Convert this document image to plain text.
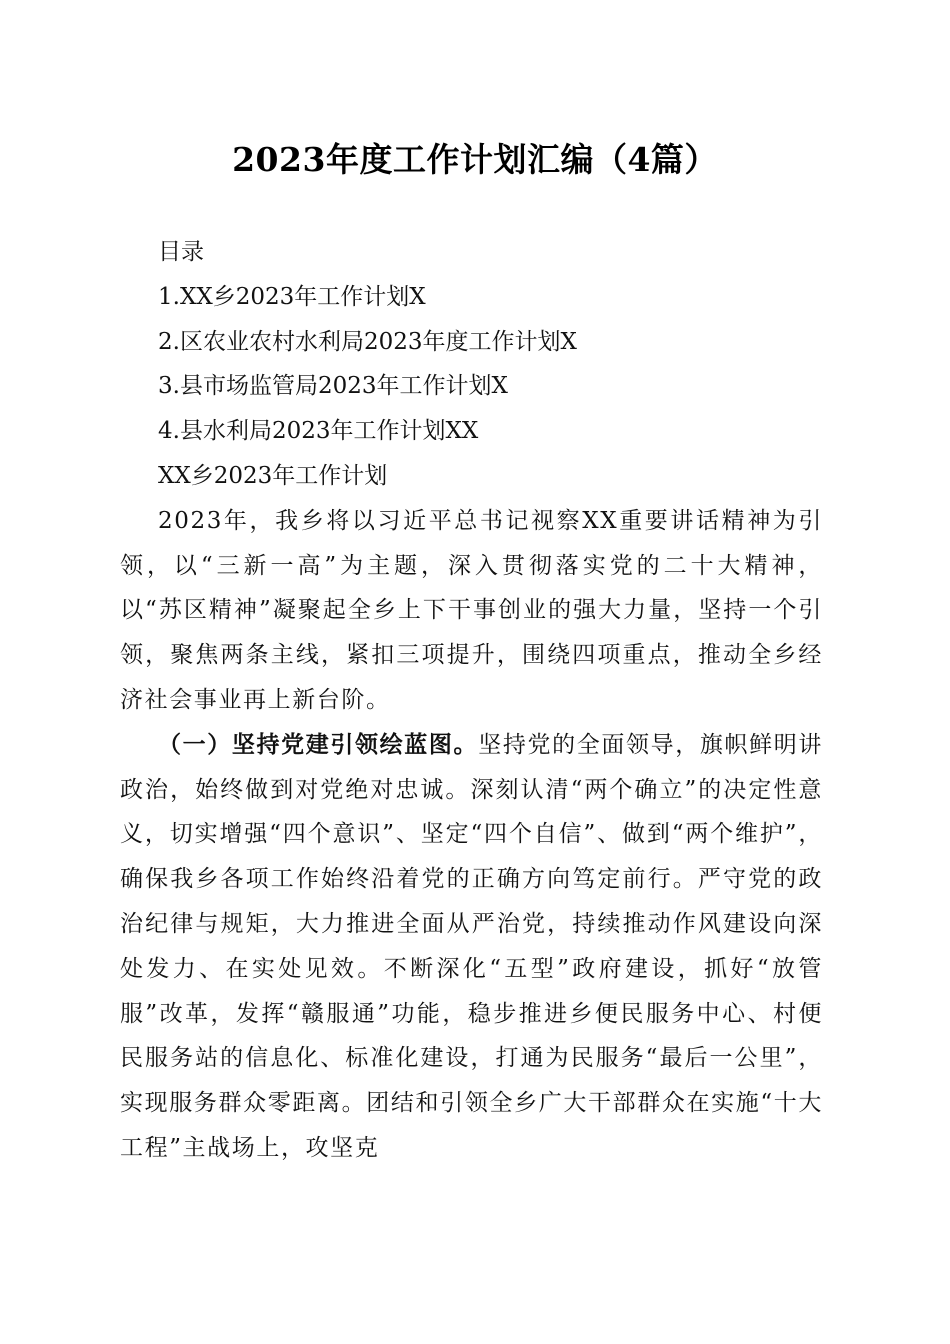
2023年度工作计划汇编（4篇）
目录
1.XX乡2023年工作计划X
2.区农业农村水利局2023年度工作计划X
3.县市场监管局2023年工作计划X
4.县水利局2023年工作计划XX
XX乡2023年工作计划

2023年，我乡将以习近平总书记视察XX重要讲话精神为引领，以“三新一高”为主题，深入贯彻落实党的二十大精神，以“苏区精神”凝聚起全乡上下干事创业的强大力量，坚持一个引领，聚焦两条主线，紧扣三项提升，围绕四项重点，推动全乡经济社会事业再上新台阶。

（一）坚持党建引领绘蓝图。坚持党的全面领导，旗帜鲜明讲政治，始终做到对党绝对忠诚。深刻认清“两个确立”的决定性意义，切实增强“四个意识”、坚定“四个自信”、做到“两个维护”，确保我乡各项工作始终沿着党的正确方向笃定前行。严守党的政治纪律与规矩，大力推进全面从严治党，持续推动作风建设向深处发力、在实处见效。不断深化“五型”政府建设，抓好“放管服”改革，发挥“赣服通”功能，稳步推进乡便民服务中心、村便民服务站的信息化、标准化建设，打通为民服务“最后一公里”，实现服务群众零距离。团结和引领全乡广大干部群众在实施“十大工程”主战场上，攻坚克
